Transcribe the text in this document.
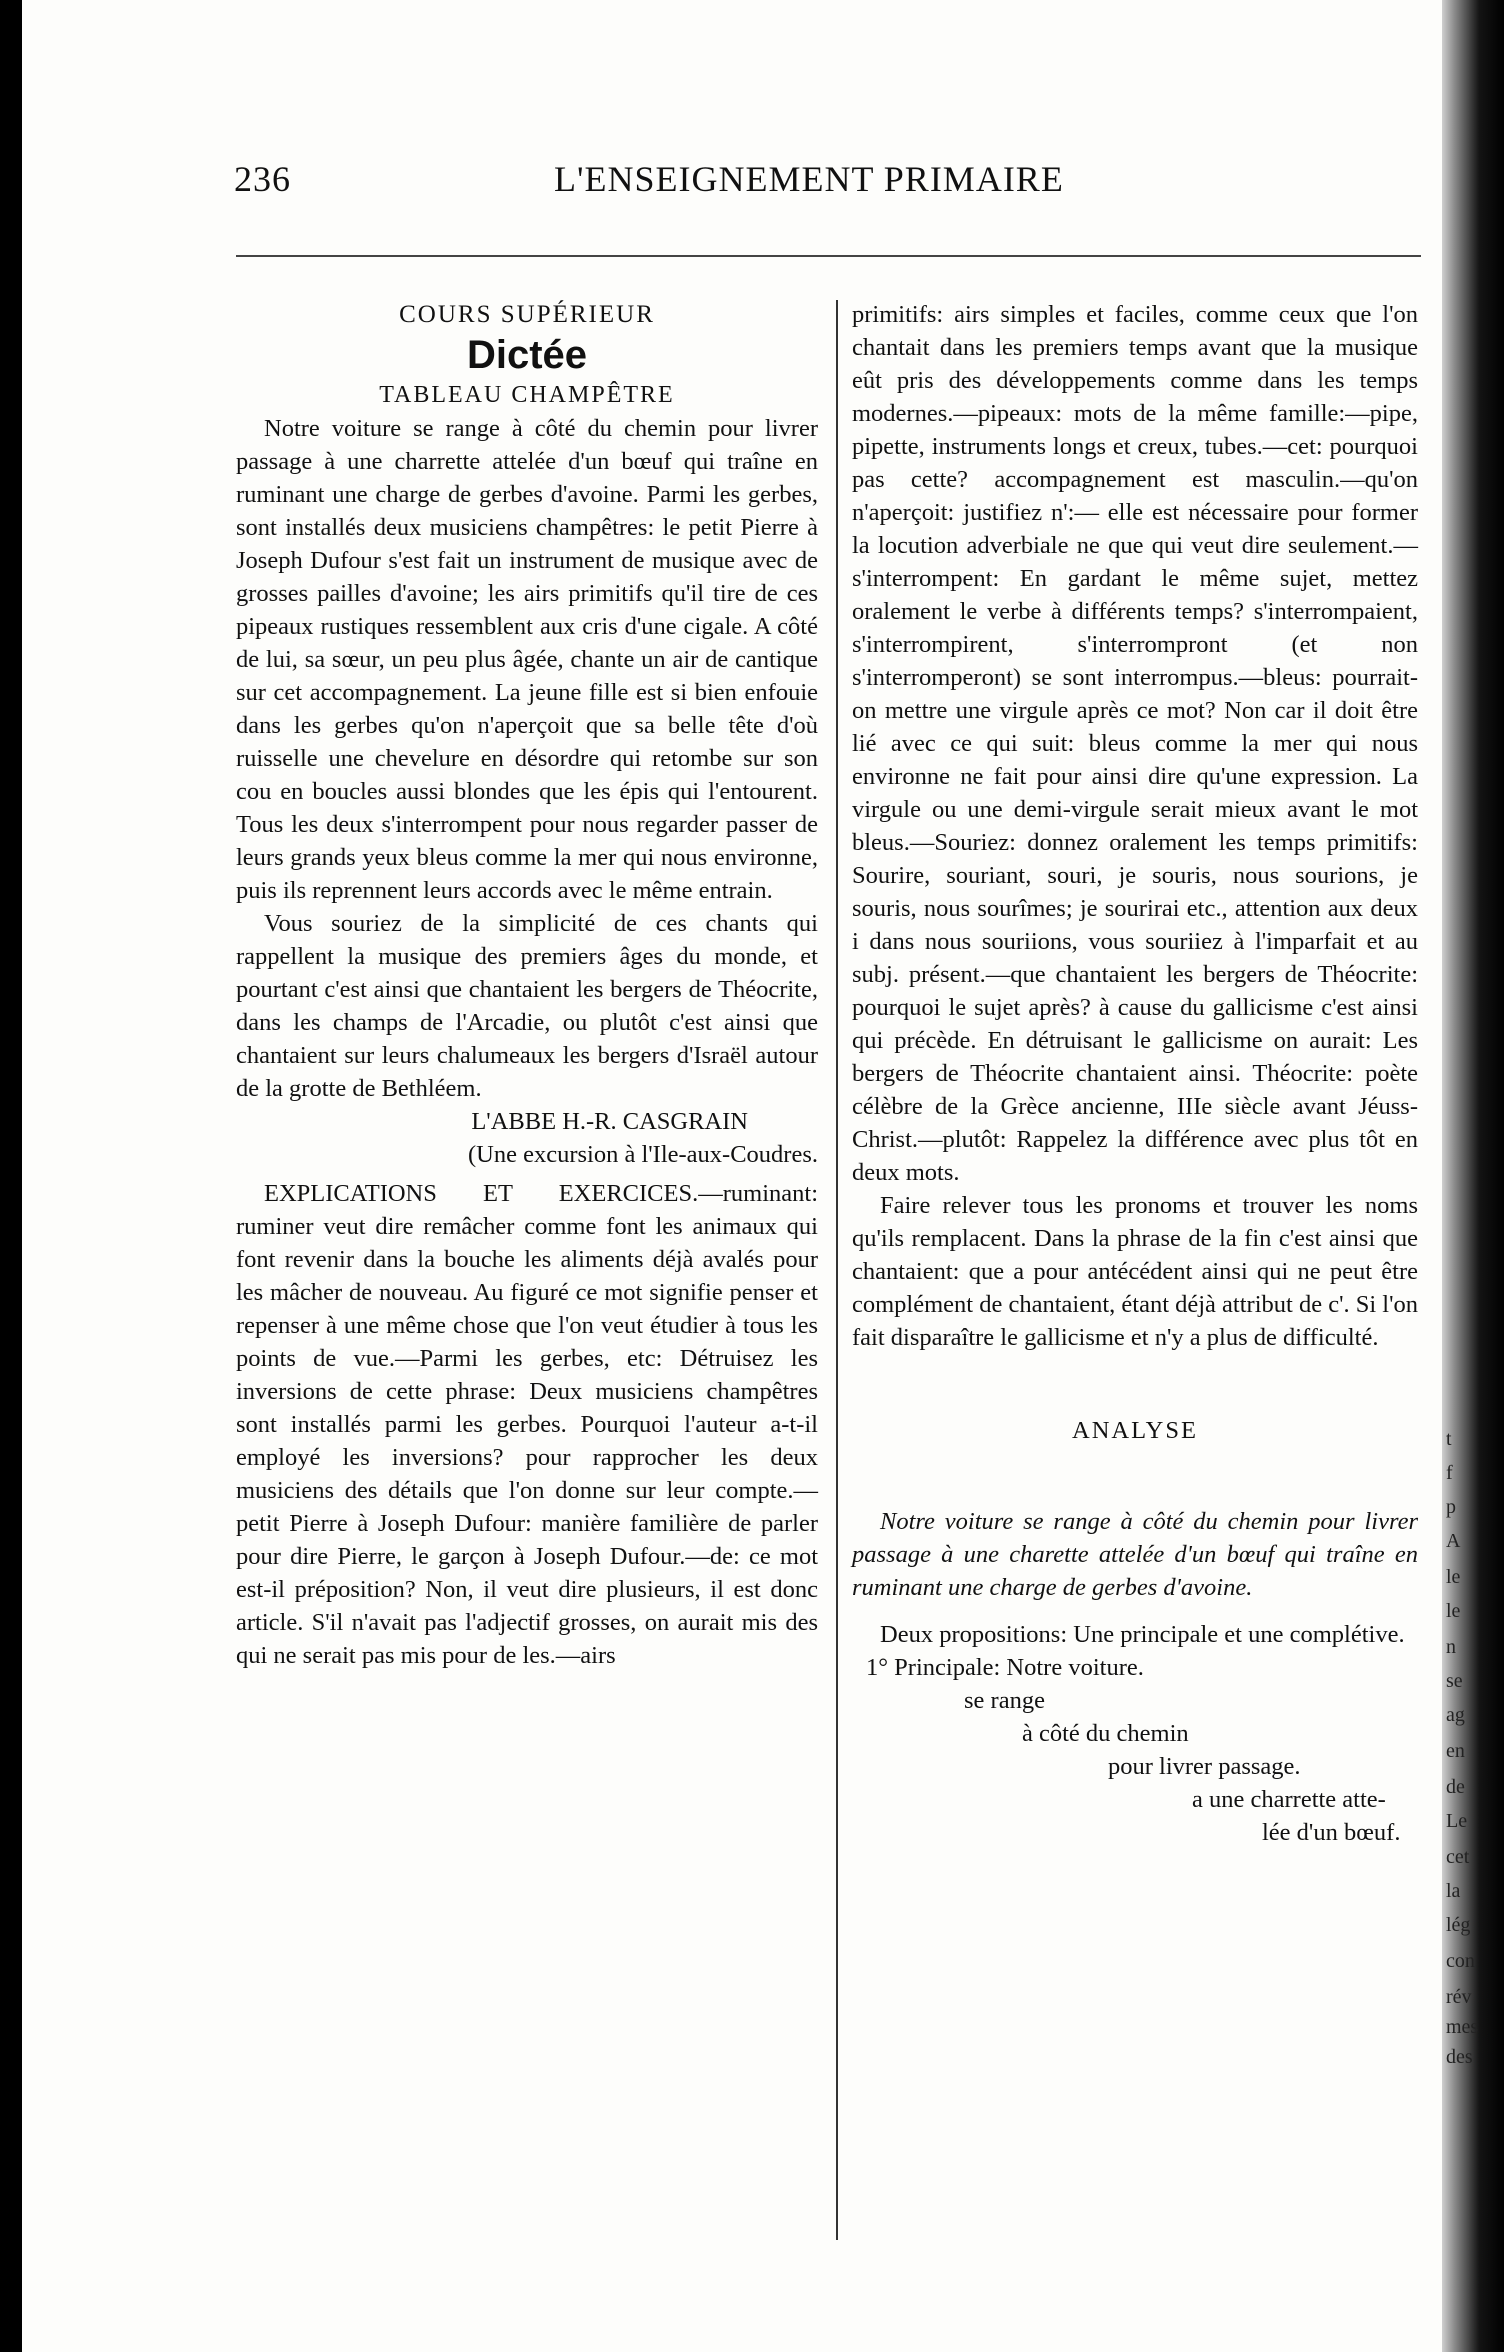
236	L'ENSEIGNEMENT PRIMAIRE

COURS SUPÉRIEUR

Dictée

TABLEAU CHAMPÊTRE

Notre voiture se range à côté du chemin pour livrer passage à une charrette attelée d'un bœuf qui traîne en ruminant une charge de gerbes d'avoine. Parmi les gerbes, sont installés deux musiciens champêtres: le petit Pierre à Joseph Dufour s'est fait un instrument de musique avec de grosses pailles d'avoine; les airs primitifs qu'il tire de ces pipeaux rustiques ressemblent aux cris d'une cigale. A côté de lui, sa sœur, un peu plus âgée, chante un air de cantique sur cet accompagnement. La jeune fille est si bien enfouie dans les gerbes qu'on n'aperçoit que sa belle tête d'où ruisselle une chevelure en désordre qui retombe sur son cou en boucles aussi blondes que les épis qui l'entourent. Tous les deux s'interrompent pour nous regarder passer de leurs grands yeux bleus comme la mer qui nous environne, puis ils reprennent leurs accords avec le même entrain.

Vous souriez de la simplicité de ces chants qui rappellent la musique des premiers âges du monde, et pourtant c'est ainsi que chantaient les bergers de Théocrite, dans les champs de l'Arcadie, ou plutôt c'est ainsi que chantaient sur leurs chalumeaux les bergers d'Israël autour de la grotte de Bethléem.

L'ABBE H.-R. CASGRAIN

(Une excursion à l'Ile-aux-Coudres.

EXPLICATIONS ET EXERCICES.—ruminant: ruminer veut dire remâcher comme font les animaux qui font revenir dans la bouche les aliments déjà avalés pour les mâcher de nouveau. Au figuré ce mot signifie penser et repenser à une même chose que l'on veut étudier à tous les points de vue.—Parmi les gerbes, etc: Détruisez les inversions de cette phrase: Deux musiciens champêtres sont installés parmi les gerbes. Pourquoi l'auteur a-t-il employé les inversions? pour rapprocher les deux musiciens des détails que l'on donne sur leur compte.—petit Pierre à Joseph Dufour: manière familière de parler pour dire Pierre, le garçon à Joseph Dufour.—de: ce mot est-il préposition? Non, il veut dire plusieurs, il est donc article. S'il n'avait pas l'adjectif grosses, on aurait mis des qui ne serait pas mis pour de les.—airs

primitifs: airs simples et faciles, comme ceux que l'on chantait dans les premiers temps avant que la musique eût pris des développements comme dans les temps modernes.—pipeaux: mots de la même famille:—pipe, pipette, instruments longs et creux, tubes.—cet: pourquoi pas cette? accompagnement est masculin.—qu'on n'aperçoit: justifiez n':— elle est nécessaire pour former la locution adverbiale ne que qui veut dire seulement.—s'interrompent: En gardant le même sujet, mettez oralement le verbe à différents temps? s'interrompaient, s'interrompirent, s'interrompront (et non s'interromperont) se sont interrompus.—bleus: pourrait-on mettre une virgule après ce mot? Non car il doit être lié avec ce qui suit: bleus comme la mer qui nous environne ne fait pour ainsi dire qu'une expression. La virgule ou une demi-virgule serait mieux avant le mot bleus.—Souriez: donnez oralement les temps primitifs: Sourire, souriant, souri, je souris, nous sourions, je souris, nous sourîmes; je sourirai etc., attention aux deux i dans nous souriions, vous souriiez à l'imparfait et au subj. présent.—que chantaient les bergers de Théocrite: pourquoi le sujet après? à cause du gallicisme c'est ainsi qui précède. En détruisant le gallicisme on aurait: Les bergers de Théocrite chantaient ainsi. Théocrite: poète célèbre de la Grèce ancienne, IIIe siècle avant Jéuss-Christ.—plutôt: Rappelez la différence avec plus tôt en deux mots.

Faire relever tous les pronoms et trouver les noms qu'ils remplacent. Dans la phrase de la fin c'est ainsi que chantaient: que a pour antécédent ainsi qui ne peut être complément de chantaient, étant déjà attribut de c'. Si l'on fait disparaître le gallicisme et n'y a plus de difficulté.

ANALYSE

Notre voiture se range à côté du chemin pour livrer passage à une charette attelée d'un bœuf qui traîne en ruminant une charge de gerbes d'avoine.

Deux propositions: Une principale et une complétive.

1° Principale: Notre voiture.

se range

à côté du chemin

pour livrer passage.

a une charrette atte-

lée d'un bœuf.

t
f
p
A
le
le
n
se
ag
en
de
Le
cet
la
lég
con
rév
mes
des
